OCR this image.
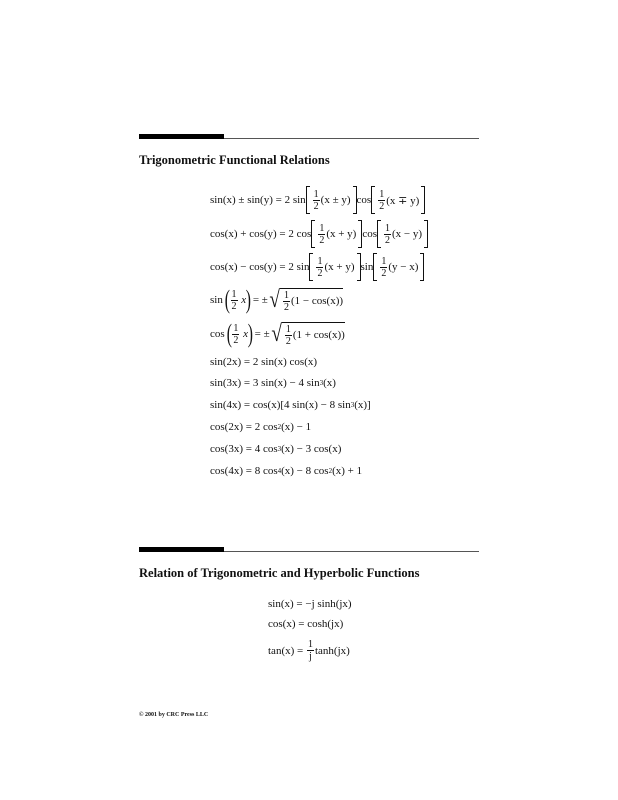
Trigonometric Functional Relations
sin(x) ± sin(y) = 2 $\sin \frac{1}{2} (x \pm y)$ $\cos \frac{1}{2} (x \mp y)$
cos(x) + cos(y) = 2 $\cos \frac{1}{2} (x + y)$ $\cos \frac{1}{2} (x - y)$
cos(x) − cos(y) = 2 $\sin \frac{1}{2} (x + y)$ $\sin \frac{1}{2} (y - x)$
sin ( $\frac{1}{2}$
x
) = ± √ $\frac{1}{2} (1 - \cos(x))$
cos ( $\frac{1}{2}$
x
) = ± √ $\frac{1}{2} (1 + \cos(x))$
sin(2x) = 2 sin(x) cos(x)
sin(3x) = 3 sin(x) − 4 sin 3 (x)
sin(4x) = cos(x)[4 sin(x) − 8 sin 3 (x)]
cos(2x) = 2 cos 2 (x) − 1
cos(3x) = 4 cos 3 (x) − 3 cos(x)
cos(4x) = 8 cos 4 (x) − 8 cos 2 (x) + 1
Relation of Trigonometric and Hyperbolic Functions
sin(x) = −j sinh(jx)
cos(x) = cosh(jx)
tan(x) =
$\frac{1}{j} \tanh(jx)$
© 2001 by CRC Press LLC
